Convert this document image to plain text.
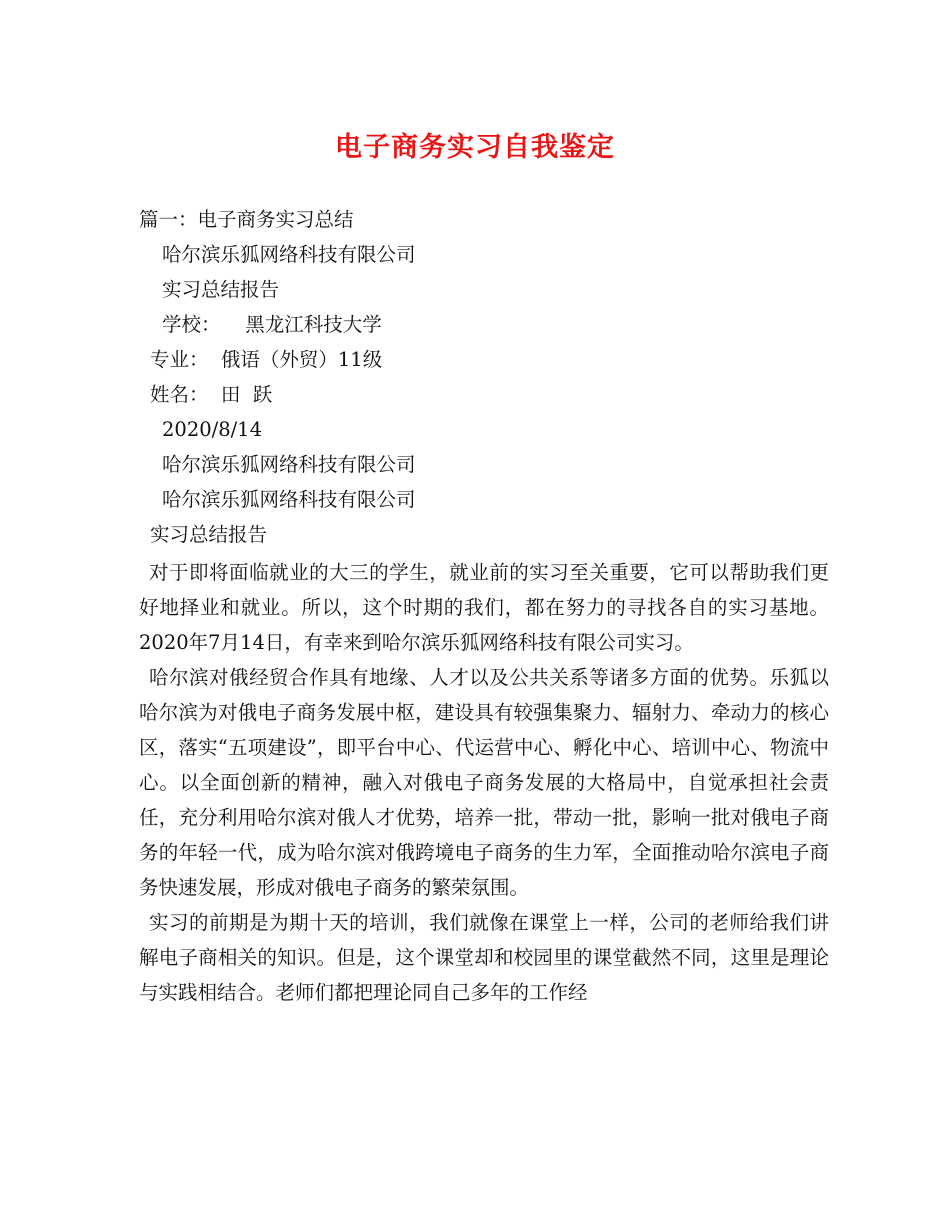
电子商务实习自我鉴定
篇一：电子商务实习总结
哈尔滨乐狐网络科技有限公司
实习总结报告
学校：    黑龙江科技大学
专业：  俄语（外贸）11级
姓名：  田  跃
2020/8/14
哈尔滨乐狐网络科技有限公司
哈尔滨乐狐网络科技有限公司
实习总结报告

对于即将面临就业的大三的学生，就业前的实习至关重要，它可以帮助我们更好地择业和就业。所以，这个时期的我们，都在努力的寻找各自的实习基地。2020年7月14日，有幸来到哈尔滨乐狐网络科技有限公司实习。

哈尔滨对俄经贸合作具有地缘、人才以及公共关系等诸多方面的优势。乐狐以哈尔滨为对俄电子商务发展中枢，建设具有较强集聚力、辐射力、牵动力的核心区，落实“五项建设”，即平台中心、代运营中心、孵化中心、培训中心、物流中心。以全面创新的精神，融入对俄电子商务发展的大格局中，自觉承担社会责任，充分利用哈尔滨对俄人才优势，培养一批，带动一批，影响一批对俄电子商务的年轻一代，成为哈尔滨对俄跨境电子商务的生力军，全面推动哈尔滨电子商务快速发展，形成对俄电子商务的繁荣氛围。

实习的前期是为期十天的培训，我们就像在课堂上一样，公司的老师给我们讲解电子商相关的知识。但是，这个课堂却和校园里的课堂截然不同，这里是理论与实践相结合。老师们都把理论同自己多年的工作经
